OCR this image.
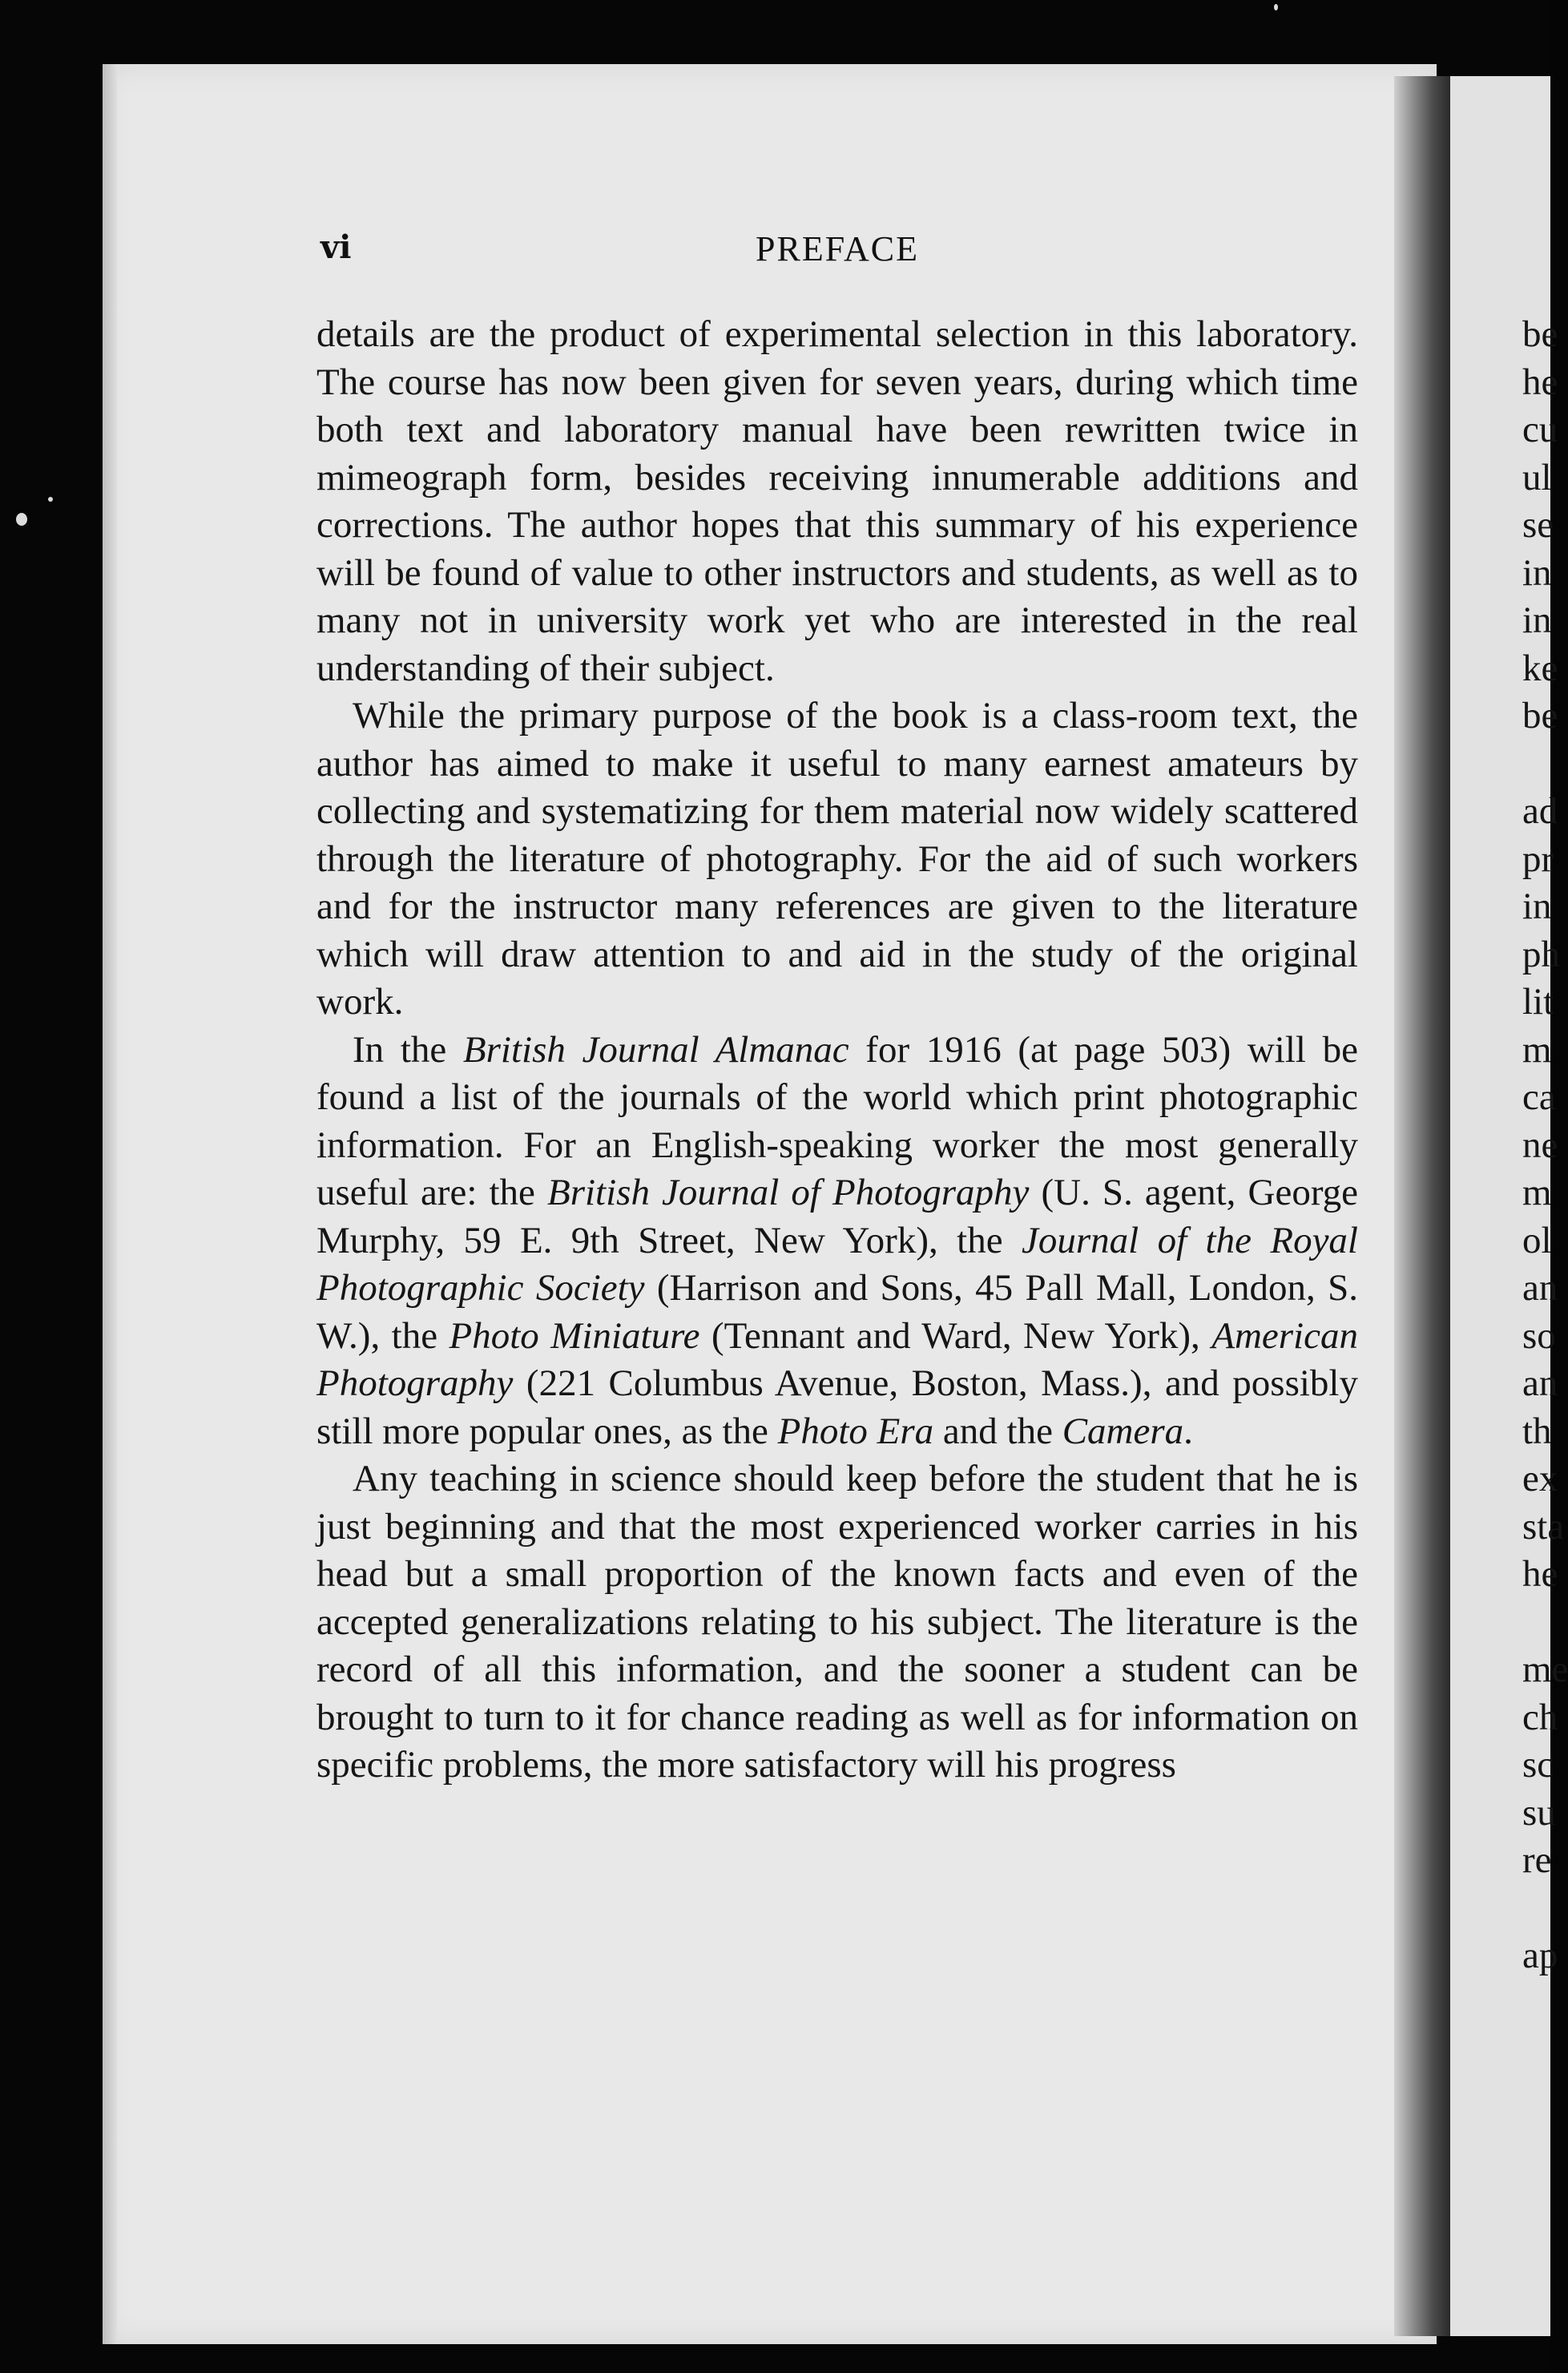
vi	PREFACE

details are the product of experimental selection in this laboratory. The course has now been given for seven years, during which time both text and laboratory manual have been rewritten twice in mimeograph form, besides receiving innumerable additions and corrections. The author hopes that this summary of his experience will be found of value to other instructors and students, as well as to many not in university work yet who are interested in the real understanding of their subject.

While the primary purpose of the book is a class-room text, the author has aimed to make it useful to many earnest amateurs by collecting and systematizing for them material now widely scattered through the literature of photography. For the aid of such workers and for the instructor many references are given to the literature which will draw attention to and aid in the study of the original work.

In the British Journal Almanac for 1916 (at page 503) will be found a list of the journals of the world which print photographic information. For an English-speaking worker the most generally useful are: the British Journal of Photography (U. S. agent, George Murphy, 59 E. 9th Street, New York), the Journal of the Royal Photographic Society (Harrison and Sons, 45 Pall Mall, London, S. W.), the Photo Miniature (Tennant and Ward, New York), American Photography (221 Columbus Avenue, Boston, Mass.), and possibly still more popular ones, as the Photo Era and the Camera.

Any teaching in science should keep before the student that he is just beginning and that the most experienced worker carries in his head but a small proportion of the known facts and even of the accepted generalizations relating to his subject. The literature is the record of all this information, and the sooner a student can be brought to turn to it for chance reading as well as for information on specific problems, the more satisfactory will his progress

be
he
cu
ul
se
in
in
ke
be
ad
pr
in
ph
lit
m
ca
ne
m
ol
an
so
an
th
ex
sta
he
me
ch
sc
su
re
ap
